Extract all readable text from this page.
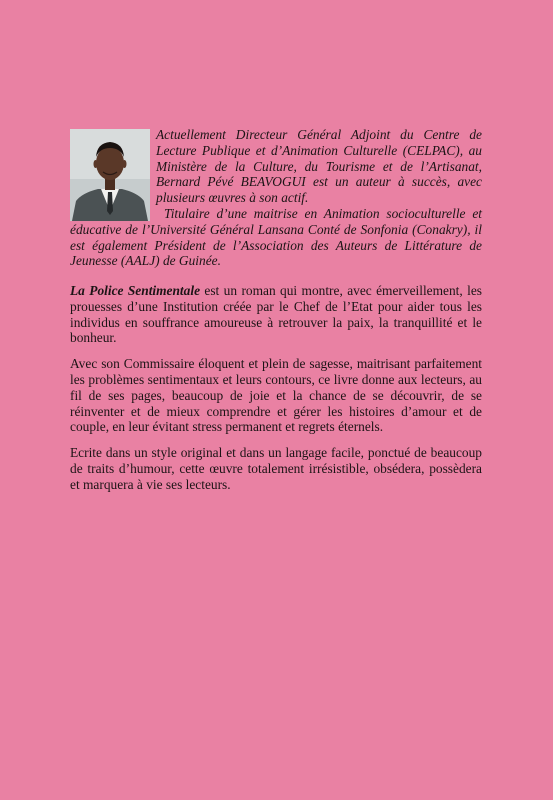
Actuellement Directeur Général Adjoint du Centre de Lecture Publique et d’Animation Culturelle (CELPAC), au Ministère de la Culture, du Tourisme et de l’Artisanat, Bernard Pévé BEAVOGUI est un auteur à succès, avec plusieurs œuvres à son actif.

Titulaire d’une maitrise en Animation socioculturelle et éducative de l’Université Général Lansana Conté de Sonfonia (Conakry), il est également Président de l’Association des Auteurs de Littérature de Jeunesse (AALJ) de Guinée.

La Police Sentimentale est un roman qui montre, avec émerveillement, les prouesses d’une Institution créée par le Chef de l’Etat pour aider tous les individus en souffrance amoureuse à retrouver la paix, la tranquillité et le bonheur.

Avec son Commissaire éloquent et plein de sagesse, maitrisant parfaitement les problèmes sentimentaux et leurs contours, ce livre donne aux lecteurs, au fil de ses pages, beaucoup de joie et la chance de se découvrir, de se réinventer et de mieux comprendre et gérer les histoires d’amour et de couple, en leur évitant stress permanent et regrets éternels.

Ecrite dans un style original et dans un langage facile, ponctué de beaucoup de traits d’humour, cette œuvre totalement irrésistible, obsédera, possèdera et marquera à vie ses lecteurs.
